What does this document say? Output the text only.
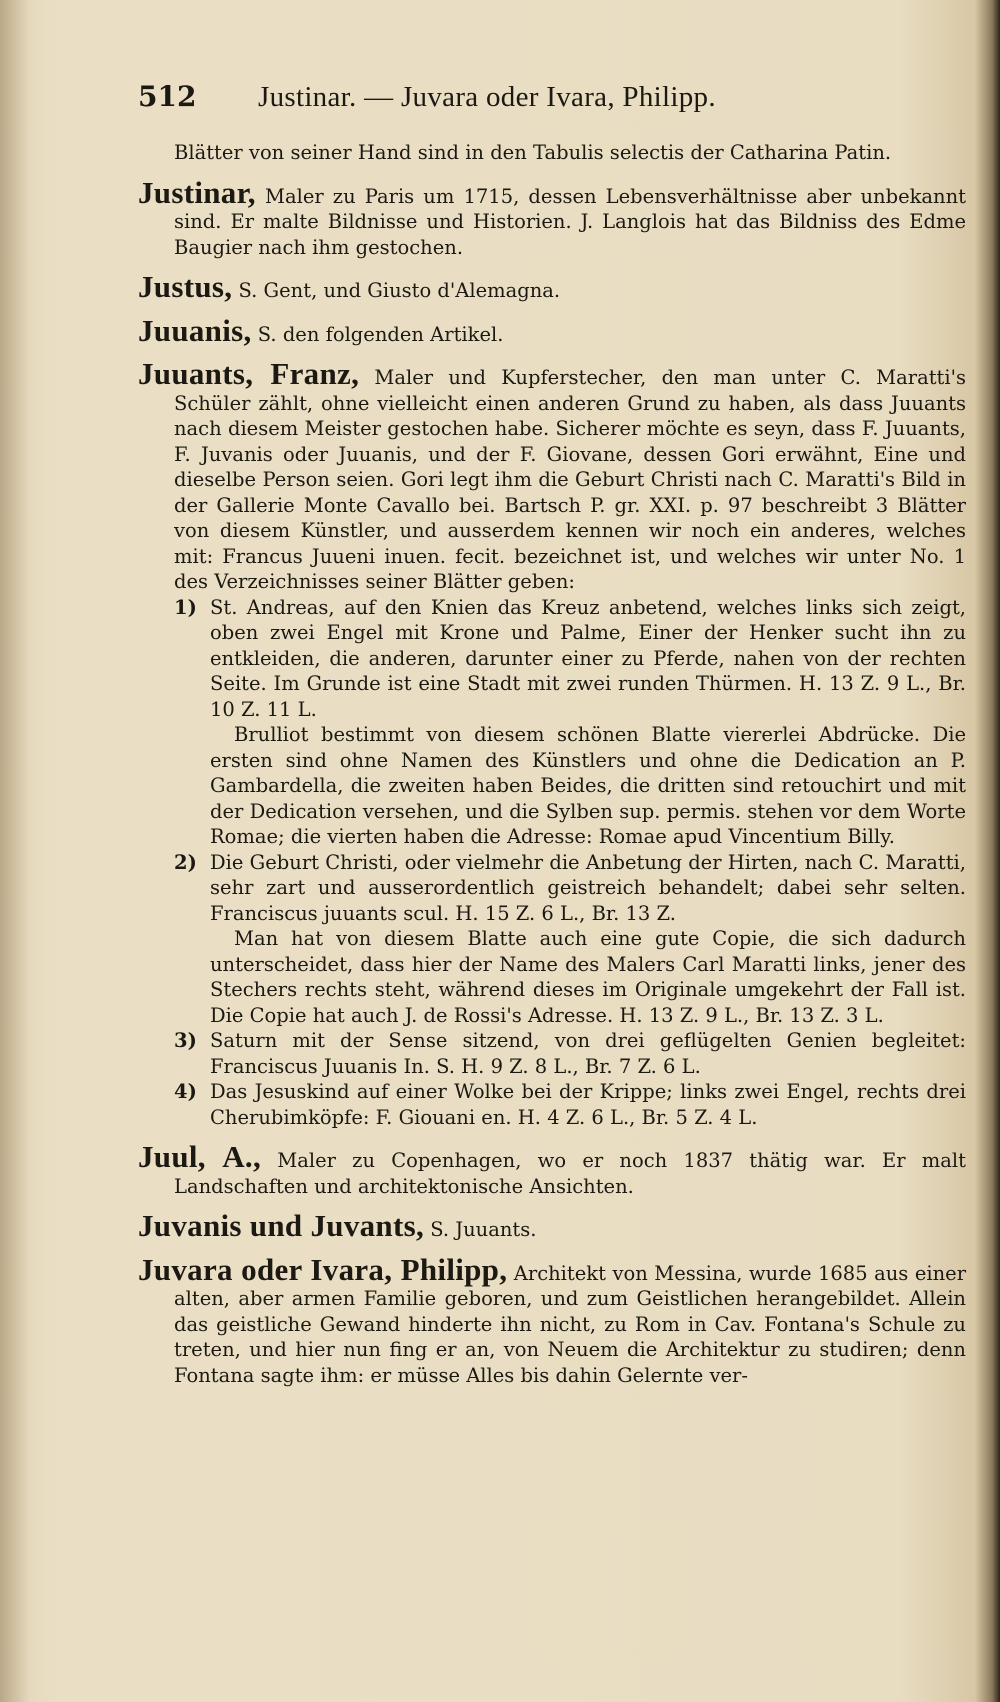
512	Justinar. — Juvara oder Ivara, Philipp.

Blätter von seiner Hand sind in den Tabulis selectis der Catharina Patin.

Justinar, Maler zu Paris um 1715, dessen Lebensverhältnisse aber unbekannt sind. Er malte Bildnisse und Historien. J. Langlois hat das Bildniss des Edme Baugier nach ihm gestochen.

Justus, S. Gent, und Giusto d'Alemagna.

Juuanis, S. den folgenden Artikel.

Juuants, Franz, Maler und Kupferstecher, den man unter C. Maratti's Schüler zählt, ohne vielleicht einen anderen Grund zu haben, als dass Juuants nach diesem Meister gestochen habe. Sicherer möchte es seyn, dass F. Juuants, F. Juvanis oder Juuanis, und der F. Giovane, dessen Gori erwähnt, Eine und dieselbe Person seien. Gori legt ihm die Geburt Christi nach C. Maratti's Bild in der Gallerie Monte Cavallo bei. Bartsch P. gr. XXI. p. 97 beschreibt 3 Blätter von diesem Künstler, und ausserdem kennen wir noch ein anderes, welches mit: Francus Juueni inuen. fecit. bezeichnet ist, und welches wir unter No. 1 des Verzeichnisses seiner Blätter geben:

1) St. Andreas, auf den Knien das Kreuz anbetend, welches links sich zeigt, oben zwei Engel mit Krone und Palme, Einer der Henker sucht ihn zu entkleiden, die anderen, darunter einer zu Pferde, nahen von der rechten Seite. Im Grunde ist eine Stadt mit zwei runden Thürmen. H. 13 Z. 9 L., Br. 10 Z. 11 L.

Brulliot bestimmt von diesem schönen Blatte viererlei Abdrücke. Die ersten sind ohne Namen des Künstlers und ohne die Dedication an P. Gambardella, die zweiten haben Beides, die dritten sind retouchirt und mit der Dedication versehen, und die Sylben sup. permis. stehen vor dem Worte Romae; die vierten haben die Adresse: Romae apud Vincentium Billy.

2) Die Geburt Christi, oder vielmehr die Anbetung der Hirten, nach C. Maratti, sehr zart und ausserordentlich geistreich behandelt; dabei sehr selten. Franciscus juuants scul. H. 15 Z. 6 L., Br. 13 Z.

Man hat von diesem Blatte auch eine gute Copie, die sich dadurch unterscheidet, dass hier der Name des Malers Carl Maratti links, jener des Stechers rechts steht, während dieses im Originale umgekehrt der Fall ist. Die Copie hat auch J. de Rossi's Adresse. H. 13 Z. 9 L., Br. 13 Z. 3 L.

3) Saturn mit der Sense sitzend, von drei geflügelten Genien begleitet: Franciscus Juuanis In. S. H. 9 Z. 8 L., Br. 7 Z. 6 L.

4) Das Jesuskind auf einer Wolke bei der Krippe; links zwei Engel, rechts drei Cherubimköpfe: F. Giouani en. H. 4 Z. 6 L., Br. 5 Z. 4 L.

Juul, A., Maler zu Copenhagen, wo er noch 1837 thätig war. Er malt Landschaften und architektonische Ansichten.

Juvanis und Juvants, S. Juuants.

Juvara oder Ivara, Philipp, Architekt von Messina, wurde 1685 aus einer alten, aber armen Familie geboren, und zum Geistlichen herangebildet. Allein das geistliche Gewand hinderte ihn nicht, zu Rom in Cav. Fontana's Schule zu treten, und hier nun fing er an, von Neuem die Architektur zu studiren; denn Fontana sagte ihm: er müsse Alles bis dahin Gelernte ver-
